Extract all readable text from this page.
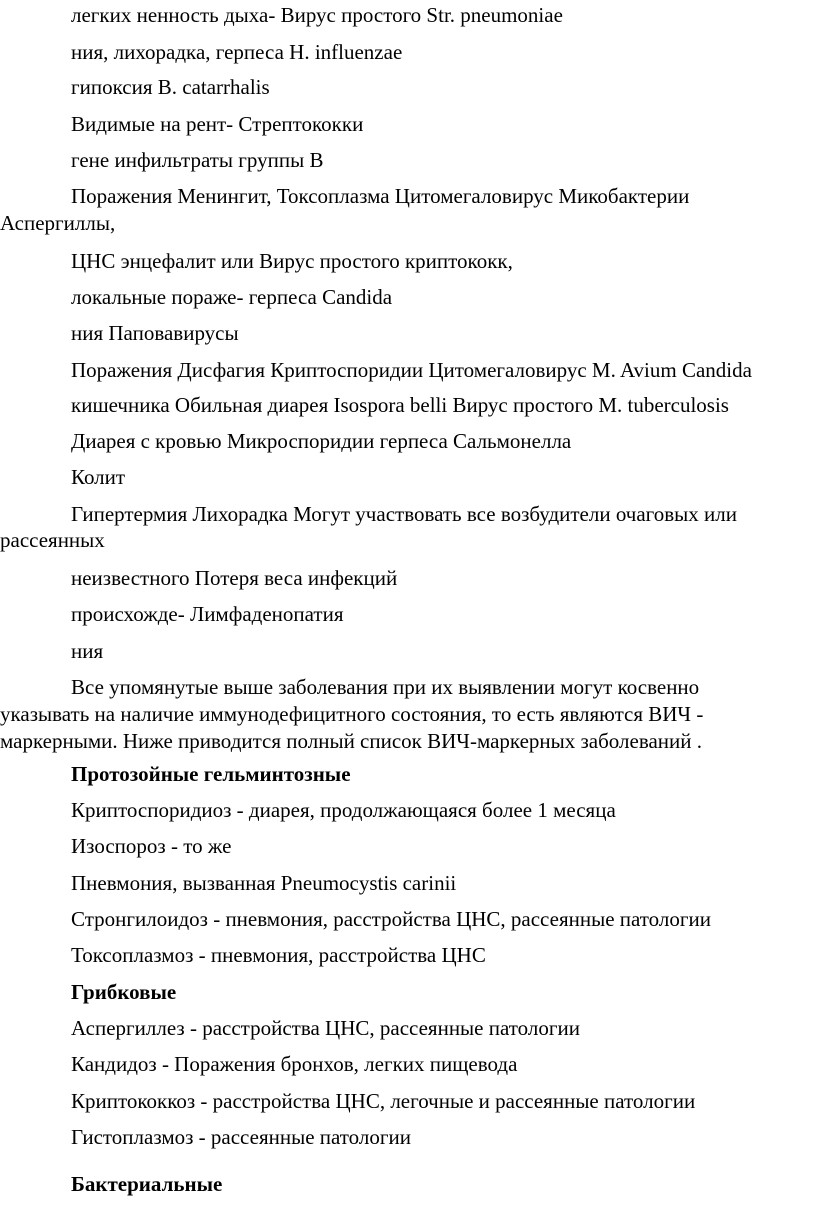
легких ненность дыха- Вирус простого Str. pneumoniae
ния, лихорадка, герпеса H. influenzae
гипоксия B. catarrhalis
Видимые на рент- Стрептококки
гене инфильтраты группы В
Поражения Менингит, Токсоплазма Цитомегаловирус Микобактерии
Аспергиллы,
ЦНС энцефалит или Вирус простого криптококк,
локальные пораже- герпеса Candida
ния Паповавирусы
Поражения Дисфагия Криптоспоридии Цитомегаловирус M. Avium Candida
кишечника Обильная диарея Isospora belli Вирус простого M. tuberculosis
Диарея с кровью Микроспоридии герпеса Сальмонелла
Колит
Гипертермия Лихорадка Могут участвовать все возбудители очаговых или
рассеянных
неизвестного Потеря веса инфекций
происхожде- Лимфаденопатия
ния
Все упомянутые выше заболевания при их выявлении могут косвенно
указывать на наличие иммунодефицитного состояния, то есть являются ВИЧ -
маркерными. Ниже приводится полный список ВИЧ-маркерных заболеваний .
Протозойные гельминтозные
Криптоспоридиоз - диарея, продолжающаяся более 1 месяца
Изоспороз - то же
Пневмония, вызванная Pneumocystis carinii
Стронгилоидоз - пневмония, расстройства ЦНС, рассеянные патологии
Токсоплазмоз - пневмония, расстройства ЦНС
Грибковые
Аспергиллез - расстройства ЦНС, рассеянные патологии
Кандидоз - Поражения бронхов, легких пищевода
Криптококкоз - расстройства ЦНС, легочные и рассеянные патологии
Гистоплазмоз - рассеянные патологии
Бактериальные
